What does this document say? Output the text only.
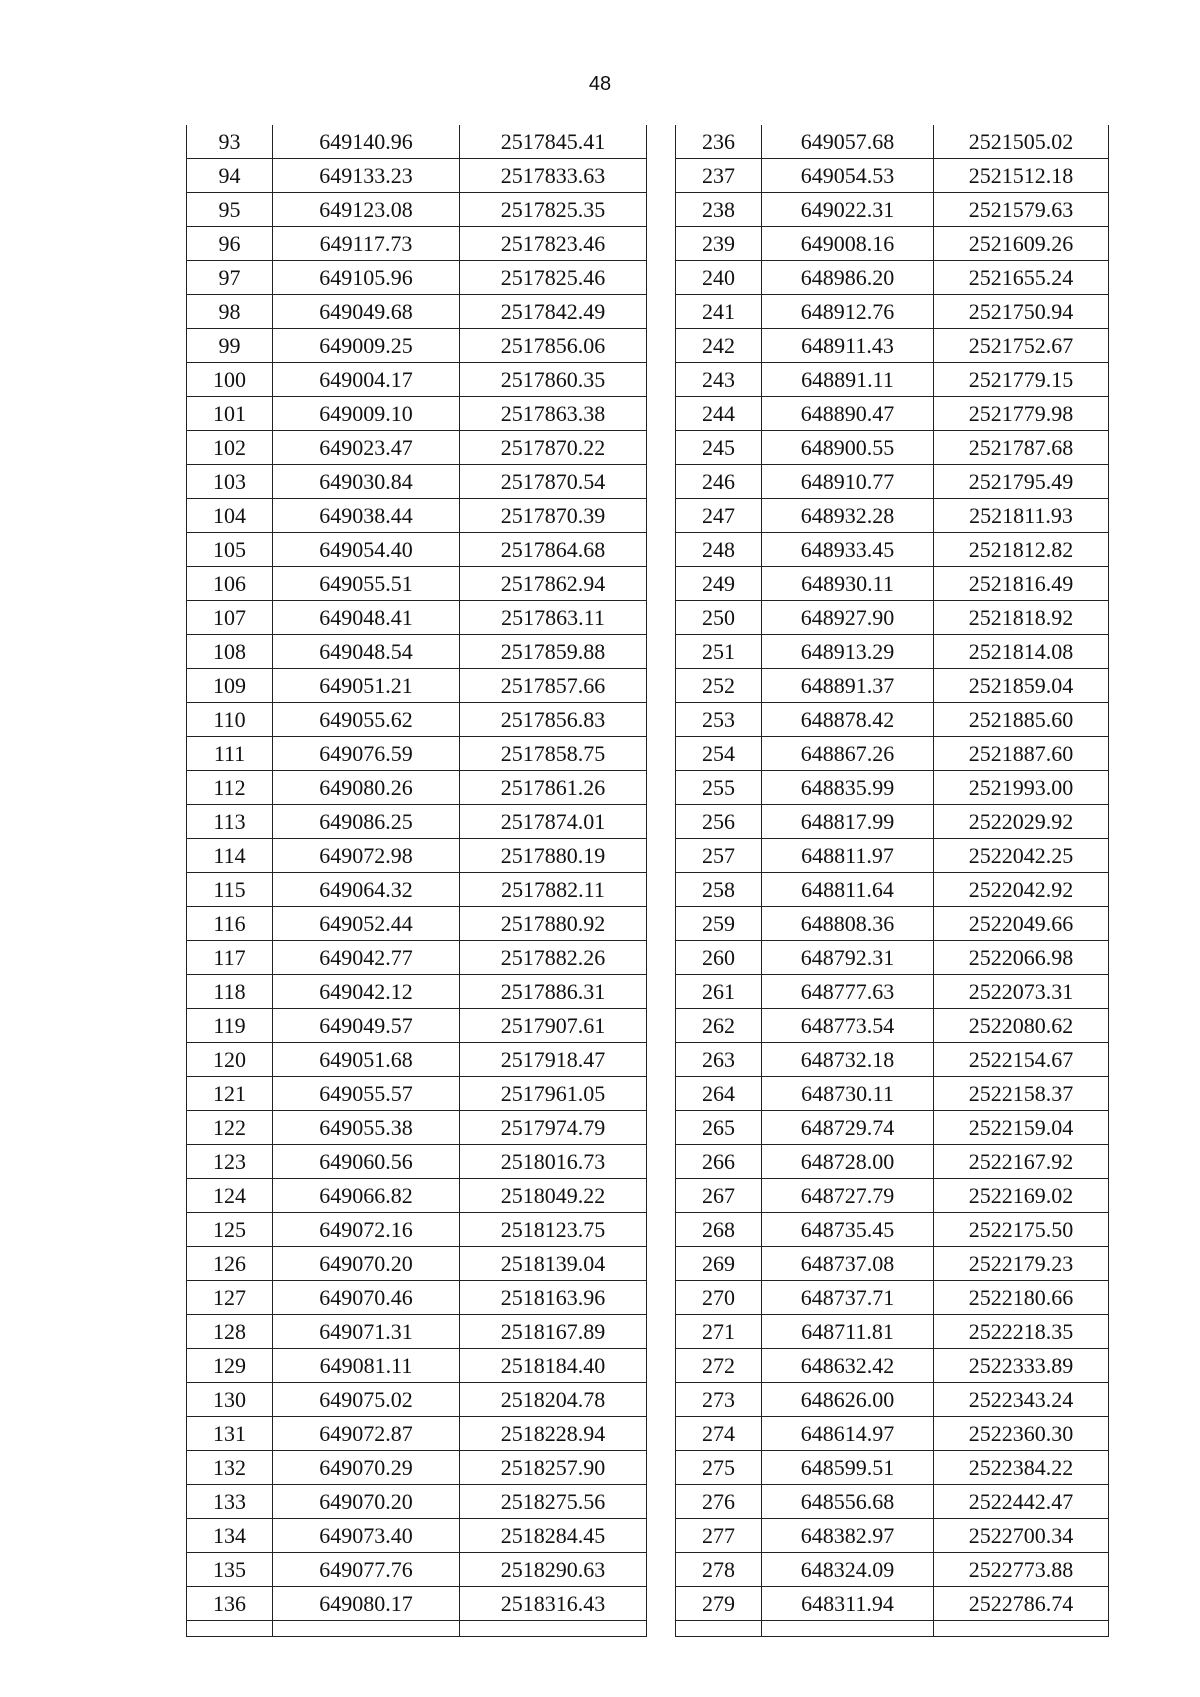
48
93	649140.96	2517845.41
94	649133.23	2517833.63
95	649123.08	2517825.35
96	649117.73	2517823.46
97	649105.96	2517825.46
98	649049.68	2517842.49
99	649009.25	2517856.06
100	649004.17	2517860.35
101	649009.10	2517863.38
102	649023.47	2517870.22
103	649030.84	2517870.54
104	649038.44	2517870.39
105	649054.40	2517864.68
106	649055.51	2517862.94
107	649048.41	2517863.11
108	649048.54	2517859.88
109	649051.21	2517857.66
110	649055.62	2517856.83
111	649076.59	2517858.75
112	649080.26	2517861.26
113	649086.25	2517874.01
114	649072.98	2517880.19
115	649064.32	2517882.11
116	649052.44	2517880.92
117	649042.77	2517882.26
118	649042.12	2517886.31
119	649049.57	2517907.61
120	649051.68	2517918.47
121	649055.57	2517961.05
122	649055.38	2517974.79
123	649060.56	2518016.73
124	649066.82	2518049.22
125	649072.16	2518123.75
126	649070.20	2518139.04
127	649070.46	2518163.96
128	649071.31	2518167.89
129	649081.11	2518184.40
130	649075.02	2518204.78
131	649072.87	2518228.94
132	649070.29	2518257.90
133	649070.20	2518275.56
134	649073.40	2518284.45
135	649077.76	2518290.63
136	649080.17	2518316.43

236	649057.68	2521505.02
237	649054.53	2521512.18
238	649022.31	2521579.63
239	649008.16	2521609.26
240	648986.20	2521655.24
241	648912.76	2521750.94
242	648911.43	2521752.67
243	648891.11	2521779.15
244	648890.47	2521779.98
245	648900.55	2521787.68
246	648910.77	2521795.49
247	648932.28	2521811.93
248	648933.45	2521812.82
249	648930.11	2521816.49
250	648927.90	2521818.92
251	648913.29	2521814.08
252	648891.37	2521859.04
253	648878.42	2521885.60
254	648867.26	2521887.60
255	648835.99	2521993.00
256	648817.99	2522029.92
257	648811.97	2522042.25
258	648811.64	2522042.92
259	648808.36	2522049.66
260	648792.31	2522066.98
261	648777.63	2522073.31
262	648773.54	2522080.62
263	648732.18	2522154.67
264	648730.11	2522158.37
265	648729.74	2522159.04
266	648728.00	2522167.92
267	648727.79	2522169.02
268	648735.45	2522175.50
269	648737.08	2522179.23
270	648737.71	2522180.66
271	648711.81	2522218.35
272	648632.42	2522333.89
273	648626.00	2522343.24
274	648614.97	2522360.30
275	648599.51	2522384.22
276	648556.68	2522442.47
277	648382.97	2522700.34
278	648324.09	2522773.88
279	648311.94	2522786.74
